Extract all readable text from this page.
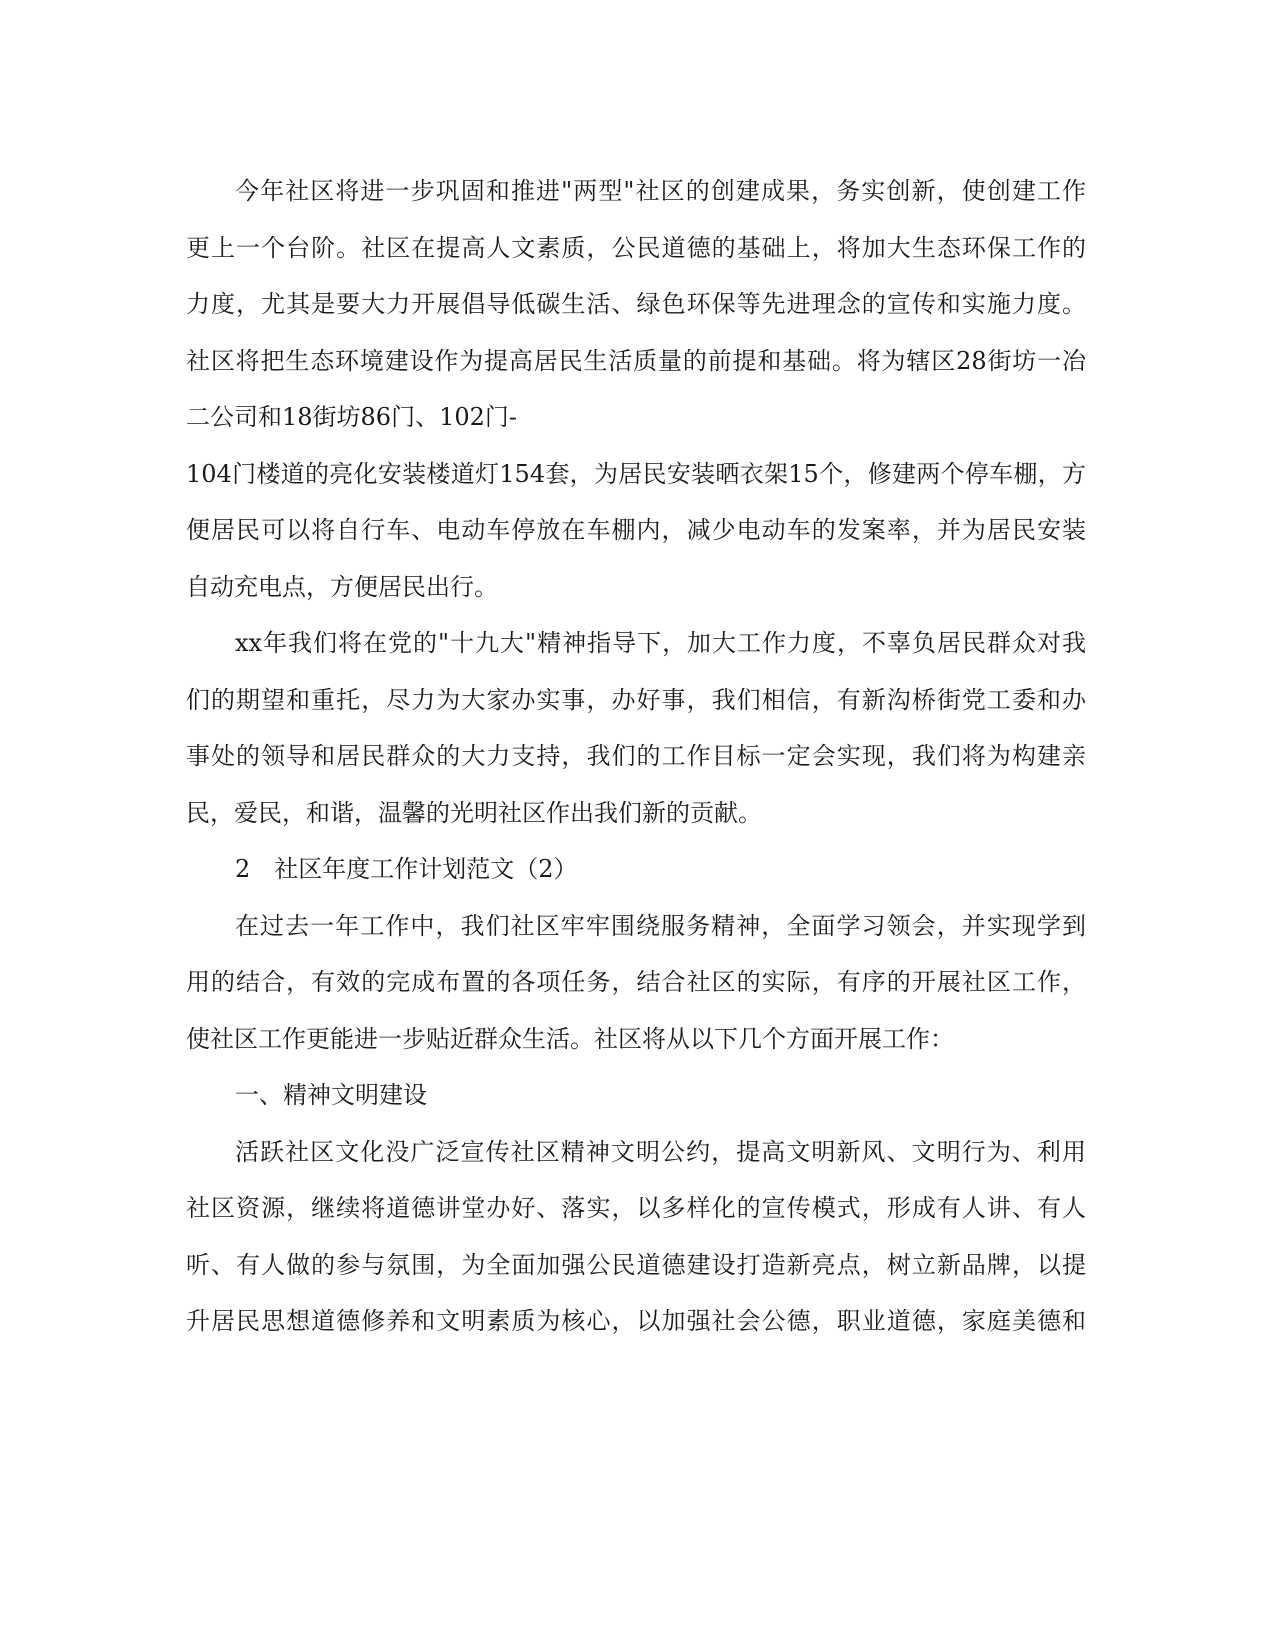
今年社区将进一步巩固和推进"两型"社区的创建成果，务实创新，使创建工作
更上一个台阶。社区在提高人文素质，公民道德的基础上，将加大生态环保工作的
力度，尤其是要大力开展倡导低碳生活、绿色环保等先进理念的宣传和实施力度。
社区将把生态环境建设作为提高居民生活质量的前提和基础。将为辖区28街坊一冶
二公司和18街坊86门、102门-
104门楼道的亮化安装楼道灯154套，为居民安装晒衣架15个，修建两个停车棚，方
便居民可以将自行车、电动车停放在车棚内，减少电动车的发案率，并为居民安装
自动充电点，方便居民出行。
xx年我们将在党的"十九大"精神指导下，加大工作力度，不辜负居民群众对我
们的期望和重托，尽力为大家办实事，办好事，我们相信，有新沟桥街党工委和办
事处的领导和居民群众的大力支持，我们的工作目标一定会实现，我们将为构建亲
民，爱民，和谐，温馨的光明社区作出我们新的贡献。
2　社区年度工作计划范文（2）
在过去一年工作中，我们社区牢牢围绕服务精神，全面学习领会，并实现学到
用的结合，有效的完成布置的各项任务，结合社区的实际，有序的开展社区工作，
使社区工作更能进一步贴近群众生活。社区将从以下几个方面开展工作：
一、精神文明建设
活跃社区文化没广泛宣传社区精神文明公约，提高文明新风、文明行为、利用
社区资源，继续将道德讲堂办好、落实，以多样化的宣传模式，形成有人讲、有人
听、有人做的参与氛围，为全面加强公民道德建设打造新亮点，树立新品牌，以提
升居民思想道德修养和文明素质为核心，以加强社会公德，职业道德，家庭美德和
